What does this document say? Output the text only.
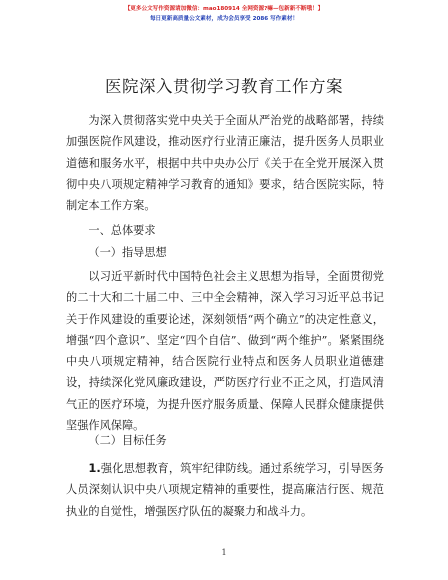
【更多公文写作资源请加微信：mao180914 全网资源?嘛—包新新不断哦！】
每日更新高质量公文素材，成为会员享受 2086 写作素材！
医院深入贯彻学习教育工作方案

为深入贯彻落实党中央关于全面从严治党的战略部署，持续加强医院作风建设，推动医疗行业清正廉洁，提升医务人员职业道德和服务水平，根据中共中央办公厅《关于在全党开展深入贯彻中央八项规定精神学习教育的通知》要求，结合医院实际，特制定本工作方案。

一、总体要求

（一）指导思想

以习近平新时代中国特色社会主义思想为指导，全面贯彻党的二十大和二十届二中、三中全会精神，深入学习习近平总书记关于作风建设的重要论述，深刻领悟“两个确立”的决定性意义，增强“四个意识”、坚定“四个自信”、做到“两个维护”。紧紧围绕中央八项规定精神，结合医院行业特点和医务人员职业道德建设，持续深化党风廉政建设，严防医疗行业不正之风，打造风清气正的医疗环境，为提升医疗服务质量、保障人民群众健康提供坚强作风保障。

（二）目标任务

1.强化思想教育，筑牢纪律防线。通过系统学习，引导医务人员深刻认识中央八项规定精神的重要性，提高廉洁行医、规范执业的自觉性，增强医疗队伍的凝聚力和战斗力。

1
